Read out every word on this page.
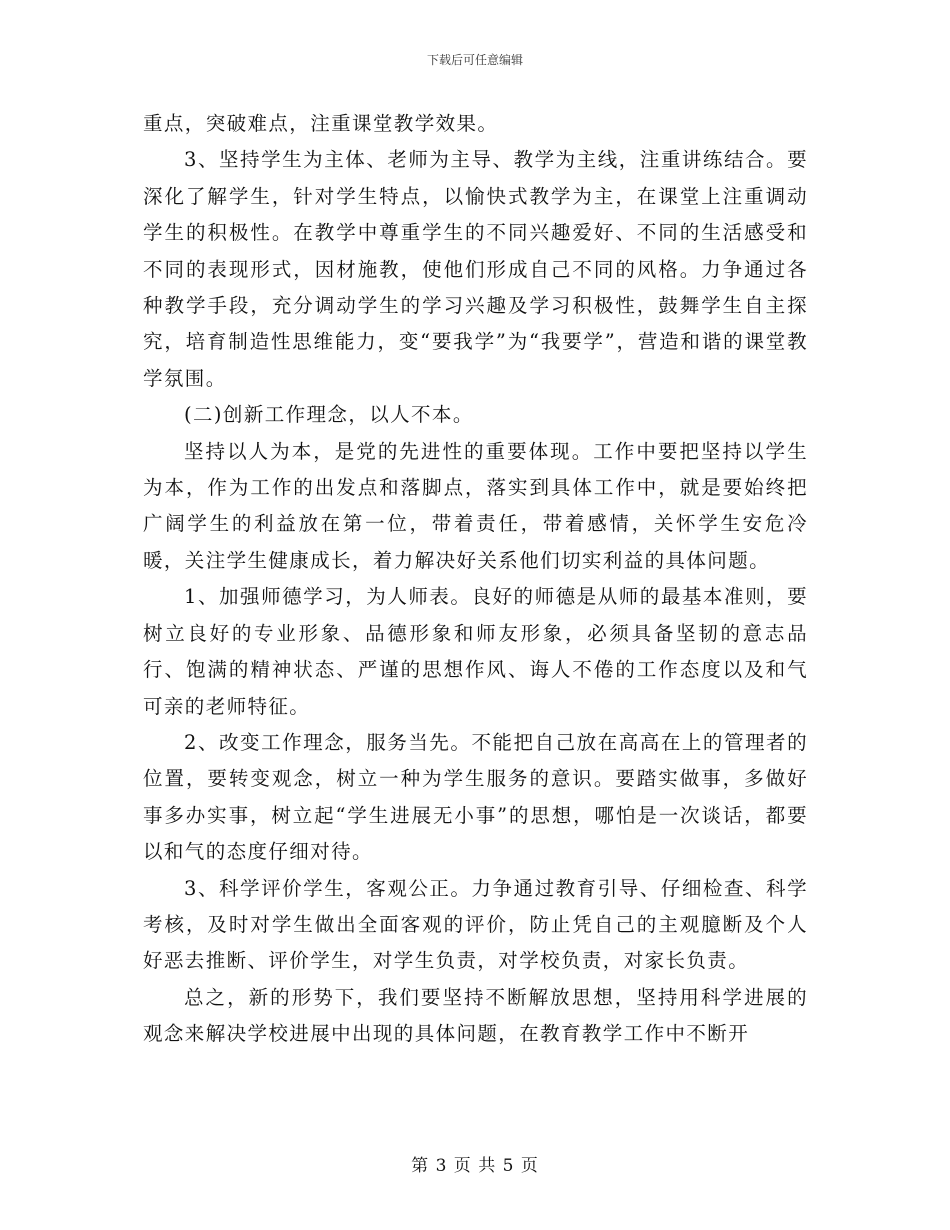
下载后可任意编辑

重点，突破难点，注重课堂教学效果。

3、坚持学生为主体、老师为主导、教学为主线，注重讲练结合。要深化了解学生，针对学生特点，以愉快式教学为主，在课堂上注重调动学生的积极性。在教学中尊重学生的不同兴趣爱好、不同的生活感受和不同的表现形式，因材施教，使他们形成自己不同的风格。力争通过各种教学手段，充分调动学生的学习兴趣及学习积极性，鼓舞学生自主探究，培育制造性思维能力，变“要我学”为“我要学”，营造和谐的课堂教学氛围。

(二)创新工作理念，以人不本。

坚持以人为本，是党的先进性的重要体现。工作中要把坚持以学生为本，作为工作的出发点和落脚点，落实到具体工作中，就是要始终把广阔学生的利益放在第一位，带着责任，带着感情，关怀学生安危冷暖，关注学生健康成长，着力解决好关系他们切实利益的具体问题。

1、加强师德学习，为人师表。良好的师德是从师的最基本准则，要树立良好的专业形象、品德形象和师友形象，必须具备坚韧的意志品行、饱满的精神状态、严谨的思想作风、诲人不倦的工作态度以及和气可亲的老师特征。

2、改变工作理念，服务当先。不能把自己放在高高在上的管理者的位置，要转变观念，树立一种为学生服务的意识。要踏实做事，多做好事多办实事，树立起“学生进展无小事”的思想，哪怕是一次谈话，都要以和气的态度仔细对待。

3、科学评价学生，客观公正。力争通过教育引导、仔细检查、科学考核，及时对学生做出全面客观的评价，防止凭自己的主观臆断及个人好恶去推断、评价学生，对学生负责，对学校负责，对家长负责。

总之，新的形势下，我们要坚持不断解放思想，坚持用科学进展的观念来解决学校进展中出现的具体问题，在教育教学工作中不断开

第 3 页 共 5 页
